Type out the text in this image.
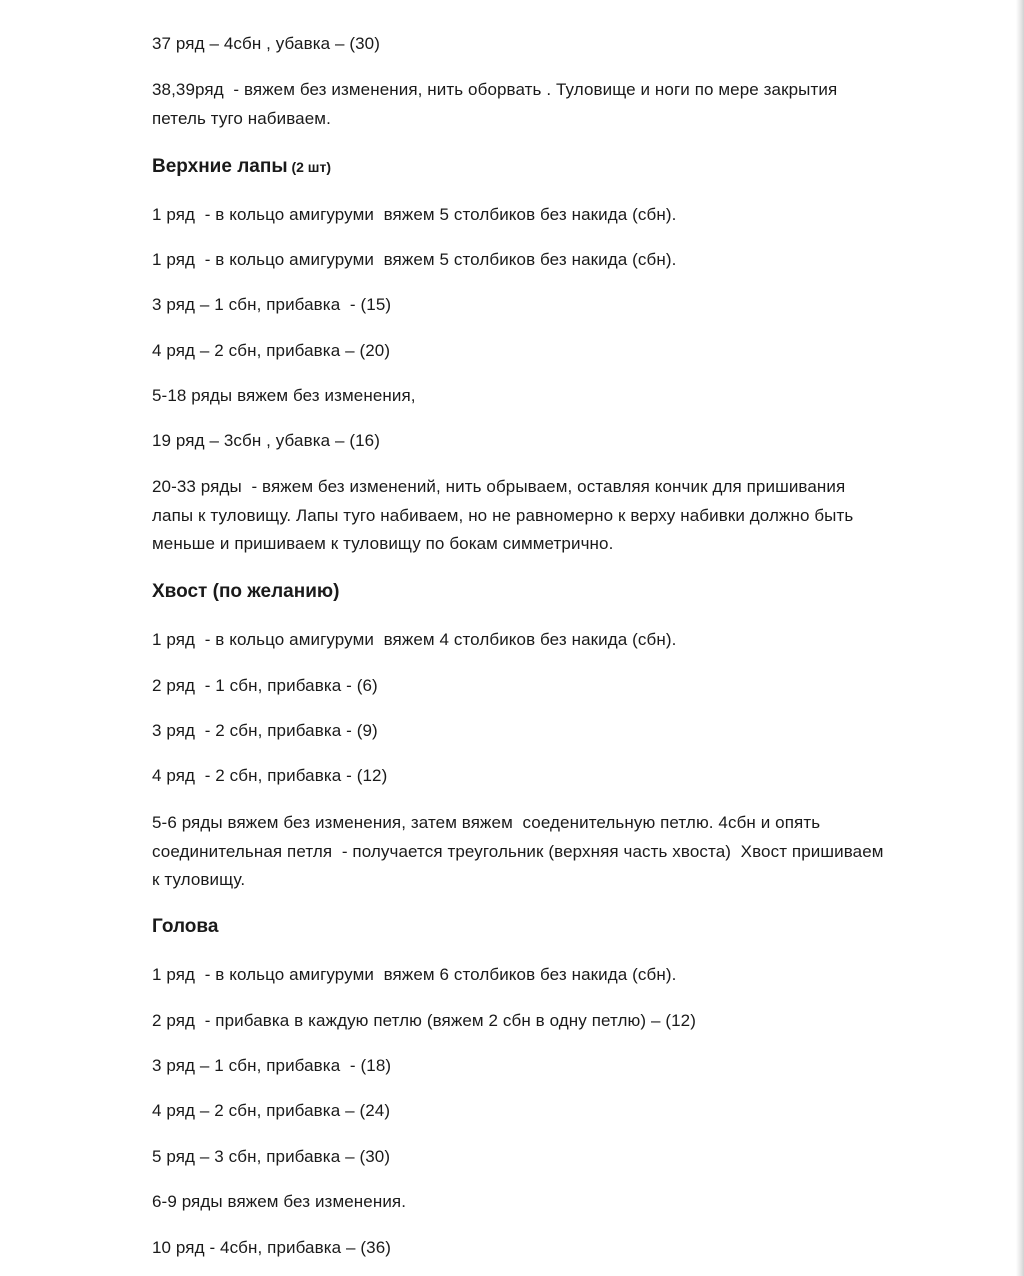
37 ряд – 4сбн , убавка – (30)

38,39ряд  - вяжем без изменения, нить оборвать . Туловище и ноги по мере закрытия
петель туго набиваем.

Верхние лапы (2 шт)

1 ряд  - в кольцо амигуруми  вяжем 5 столбиков без накида (сбн).

1 ряд  - в кольцо амигуруми  вяжем 5 столбиков без накида (сбн).

3 ряд – 1 сбн, прибавка  - (15)

4 ряд – 2 сбн, прибавка – (20)

5-18 ряды вяжем без изменения,

19 ряд – 3сбн , убавка – (16)

20-33 ряды  - вяжем без изменений, нить обрываем, оставляя кончик для пришивания
лапы к туловищу. Лапы туго набиваем, но не равномерно к верху набивки должно быть
меньше и пришиваем к туловищу по бокам симметрично.

Хвост (по желанию)

1 ряд  - в кольцо амигуруми  вяжем 4 столбиков без накида (сбн).

2 ряд  - 1 сбн, прибавка - (6)

3 ряд  - 2 сбн, прибавка - (9)

4 ряд  - 2 сбн, прибавка - (12)

5-6 ряды вяжем без изменения, затем вяжем  соеденительную петлю. 4сбн и опять
соединительная петля  - получается треугольник (верхняя часть хвоста)  Хвост пришиваем
к туловищу.

Голова

1 ряд  - в кольцо амигуруми  вяжем 6 столбиков без накида (сбн).

2 ряд  - прибавка в каждую петлю (вяжем 2 сбн в одну петлю) – (12)

3 ряд – 1 сбн, прибавка  - (18)

4 ряд – 2 сбн, прибавка – (24)

5 ряд – 3 сбн, прибавка – (30)

6-9 ряды вяжем без изменения.

10 ряд - 4сбн, прибавка – (36)
